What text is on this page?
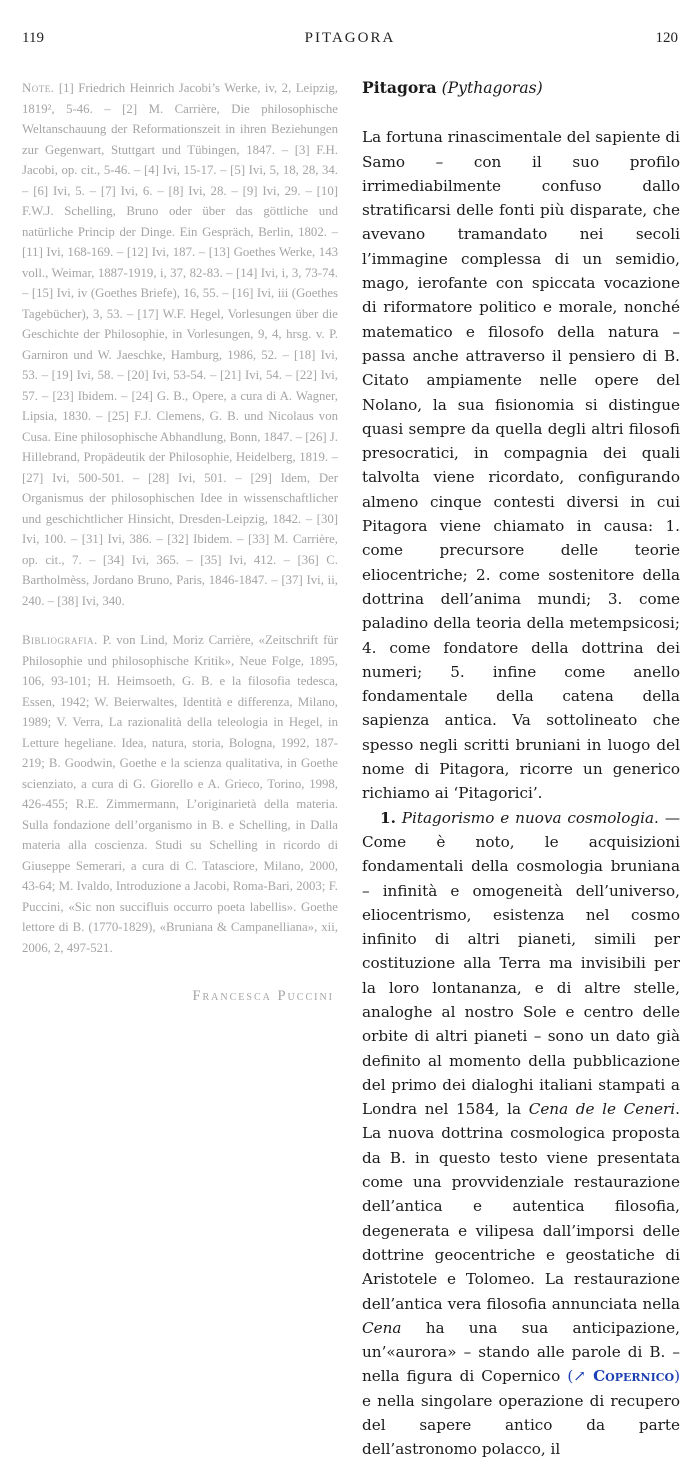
119	PITAGORA	120

Note. [1] Friedrich Heinrich Jacobi’s Werke, iv, 2, Leipzig, 1819², 5-46. – [2] M. Carrière, Die philosophische Weltanschauung der Reformationszeit in ihren Beziehungen zur Gegenwart, Stuttgart und Tübingen, 1847. – [3] F.H. Jacobi, op. cit., 5-46. – [4] Ivi, 15-17. – [5] Ivi, 5, 18, 28, 34. – [6] Ivi, 5. – [7] Ivi, 6. – [8] Ivi, 28. – [9] Ivi, 29. – [10] F.W.J. Schelling, Bruno oder über das göttliche und natürliche Princip der Dinge. Ein Gespräch, Berlin, 1802. – [11] Ivi, 168-169. – [12] Ivi, 187. – [13] Goethes Werke, 143 voll., Weimar, 1887-1919, i, 37, 82-83. – [14] Ivi, i, 3, 73-74. – [15] Ivi, iv (Goethes Briefe), 16, 55. – [16] Ivi, iii (Goethes Tagebücher), 3, 53. – [17] W.F. Hegel, Vorlesungen über die Geschichte der Philosophie, in Vorlesungen, 9, 4, hrsg. v. P. Garniron und W. Jaeschke, Hamburg, 1986, 52. – [18] Ivi, 53. – [19] Ivi, 58. – [20] Ivi, 53-54. – [21] Ivi, 54. – [22] Ivi, 57. – [23] Ibidem. – [24] G. B., Opere, a cura di A. Wagner, Lipsia, 1830. – [25] F.J. Clemens, G. B. und Nicolaus von Cusa. Eine philosophische Abhandlung, Bonn, 1847. – [26] J. Hillebrand, Propädeutik der Philosophie, Heidelberg, 1819. – [27] Ivi, 500-501. – [28] Ivi, 501. – [29] Idem, Der Organismus der philosophischen Idee in wissenschaftlicher und geschichtlicher Hinsicht, Dresden-Leipzig, 1842. – [30] Ivi, 100. – [31] Ivi, 386. – [32] Ibidem. – [33] M. Carrière, op. cit., 7. – [34] Ivi, 365. – [35] Ivi, 412. – [36] C. Bartholmèss, Jordano Bruno, Paris, 1846-1847. – [37] Ivi, ii, 240. – [38] Ivi, 340.

Bibliografia. P. von Lind, Moriz Carrière, «Zeitschrift für Philosophie und philosophische Kritik», Neue Folge, 1895, 106, 93-101; H. Heimsoeth, G. B. e la filosofia tedesca, Essen, 1942; W. Beierwaltes, Identità e differenza, Milano, 1989; V. Verra, La razionalità della teleologia in Hegel, in Letture hegeliane. Idea, natura, storia, Bologna, 1992, 187-219; B. Goodwin, Goethe e la scienza qualitativa, in Goethe scienziato, a cura di G. Giorello e A. Grieco, Torino, 1998, 426-455; R.E. Zimmermann, L’originarietà della materia. Sulla fondazione dell’organismo in B. e Schelling, in Dalla materia alla coscienza. Studi su Schelling in ricordo di Giuseppe Semerari, a cura di C. Tatasciore, Milano, 2000, 43-64; M. Ivaldo, Introduzione a Jacobi, Roma-Bari, 2003; F. Puccini, «Sic non succifluis occurro poeta labellis». Goethe lettore di B. (1770-1829), «Bruniana & Campanelliana», xii, 2006, 2, 497-521.

Francesca Puccini
Pitagora (Pythagoras)

La fortuna rinascimentale del sapiente di Samo – con il suo profilo irrimediabilmente confuso dallo stratificarsi delle fonti più disparate, che avevano tramandato nei secoli l’immagine complessa di un semidio, mago, ierofante con spiccata vocazione di riformatore politico e morale, nonché matematico e filosofo della natura – passa anche attraverso il pensiero di B. Citato ampiamente nelle opere del Nolano, la sua fisionomia si distingue quasi sempre da quella degli altri filosofi presocratici, in compagnia dei quali talvolta viene ricordato, configurando almeno cinque contesti diversi in cui Pitagora viene chiamato in causa: 1. come precursore delle teorie eliocentriche; 2. come sostenitore della dottrina dell’anima mundi; 3. come paladino della teoria della metempsicosi; 4. come fondatore della dottrina dei numeri; 5. infine come anello fondamentale della catena della sapienza antica. Va sottolineato che spesso negli scritti bruniani in luogo del nome di Pitagora, ricorre un generico richiamo ai ‘Pitagorici’.

1. Pitagorismo e nuova cosmologia. — Come è noto, le acquisizioni fondamentali della cosmologia bruniana – infinità e omogeneità dell’universo, eliocentrismo, esistenza nel cosmo infinito di altri pianeti, simili per costituzione alla Terra ma invisibili per la loro lontananza, e di altre stelle, analoghe al nostro Sole e centro delle orbite di altri pianeti – sono un dato già definito al momento della pubblicazione del primo dei dialoghi italiani stampati a Londra nel 1584, la Cena de le Ceneri. La nuova dottrina cosmologica proposta da B. in questo testo viene presentata come una provvidenziale restaurazione dell’antica e autentica filosofia, degenerata e vilipesa dall’imporsi delle dottrine geocentriche e geostatiche di Aristotele e Tolomeo. La restaurazione dell’antica vera filosofia annunciata nella Cena ha una sua anticipazione, un’«aurora» – stando alle parole di B. – nella figura di Copernico (↗ Copernico) e nella singolare operazione di recupero del sapere antico da parte dell’astronomo polacco, il
